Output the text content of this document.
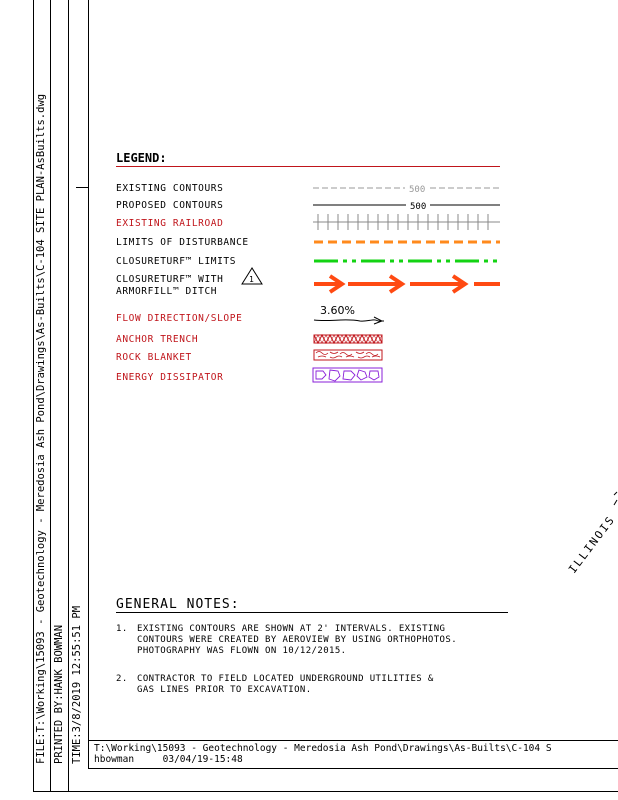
FILE:T:\Working\15093 - Geotechnology - Meredosia Ash Pond\Drawings\As-Builts\C-104 SITE PLAN-AsBuilts.dwg PRINTED BY:HANK BOWMAN TIME:3/8/2019 12:55:51 PM
LEGEND:
EXISTING CONTOURS
PROPOSED CONTOURS
EXISTING RAILROAD
LIMITS OF DISTURBANCE
CLOSURETURF™ LIMITS
CLOSURETURF™ WITH
ARMORFILL™ DITCH
FLOW DIRECTION/SLOPE
ANCHOR TRENCH
ROCK BLANKET
ENERGY DISSIPATOR
500
500
1
3.60%
ILLINOIS
GENERAL NOTES:
1. EXISTING CONTOURS ARE SHOWN AT 2' INTERVALS. EXISTING
CONTOURS WERE CREATED BY AEROVIEW BY USING ORTHOPHOTOS.
PHOTOGRAPHY WAS FLOWN ON 10/12/2015.
2. CONTRACTOR TO FIELD LOCATED UNDERGROUND UTILITIES &
GAS LINES PRIOR TO EXCAVATION.
T:\Working\15093 - Geotechnology - Meredosia Ash Pond\Drawings\As-Builts\C-104 S
hbowman     03/04/19-15:48
